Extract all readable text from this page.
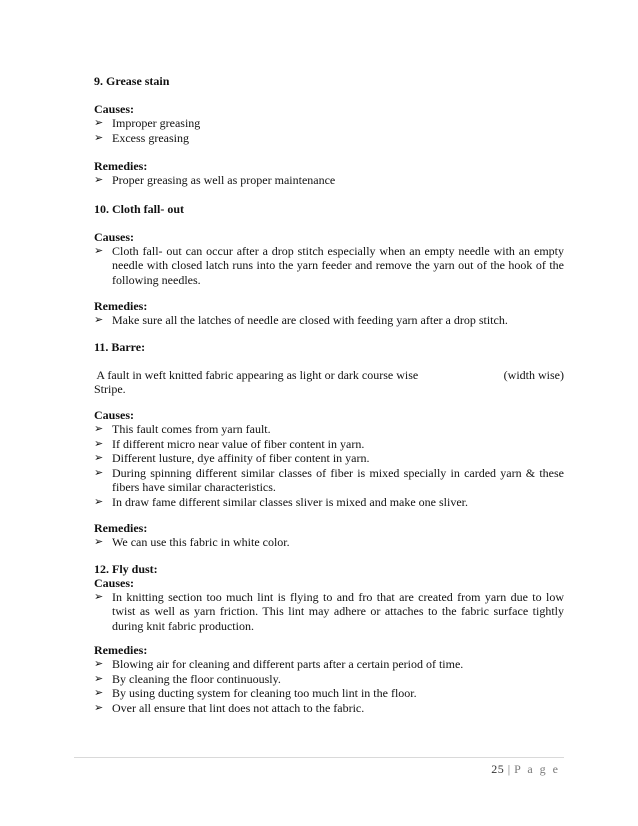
9. Grease stain
Causes:
➢ Improper greasing
➢ Excess greasing
Remedies:
➢ Proper greasing as well as proper maintenance
10. Cloth fall- out
Causes:
➢ Cloth fall- out can occur after a drop stitch especially when an empty needle with an empty needle with closed latch runs into the yarn feeder and remove the yarn out of the hook of the following needles.
Remedies:
➢ Make sure all the latches of needle are closed with feeding yarn after a drop stitch.
11. Barre:
A fault in weft knitted fabric appearing as light or dark course wise	(width wise)
Stripe.
Causes:
➢ This fault comes from yarn fault.
➢ If different micro near value of fiber content in yarn.
➢ Different lusture, dye affinity of fiber content in yarn.
➢ During spinning different similar classes of fiber is mixed specially in carded yarn & these fibers have similar characteristics.
➢ In draw fame different similar classes sliver is mixed and make one sliver.
Remedies:
➢ We can use this fabric in white color.
12. Fly dust:
Causes:
➢ In knitting section too much lint is flying to and fro that are created from yarn due to low twist as well as yarn friction. This lint may adhere or attaches to the fabric surface tightly during knit fabric production.
Remedies:
➢ Blowing air for cleaning and different parts after a certain period of time.
➢ By cleaning the floor continuously.
➢ By using ducting system for cleaning too much lint in the floor.
➢ Over all ensure that lint does not attach to the fabric.
25 | P a g e
